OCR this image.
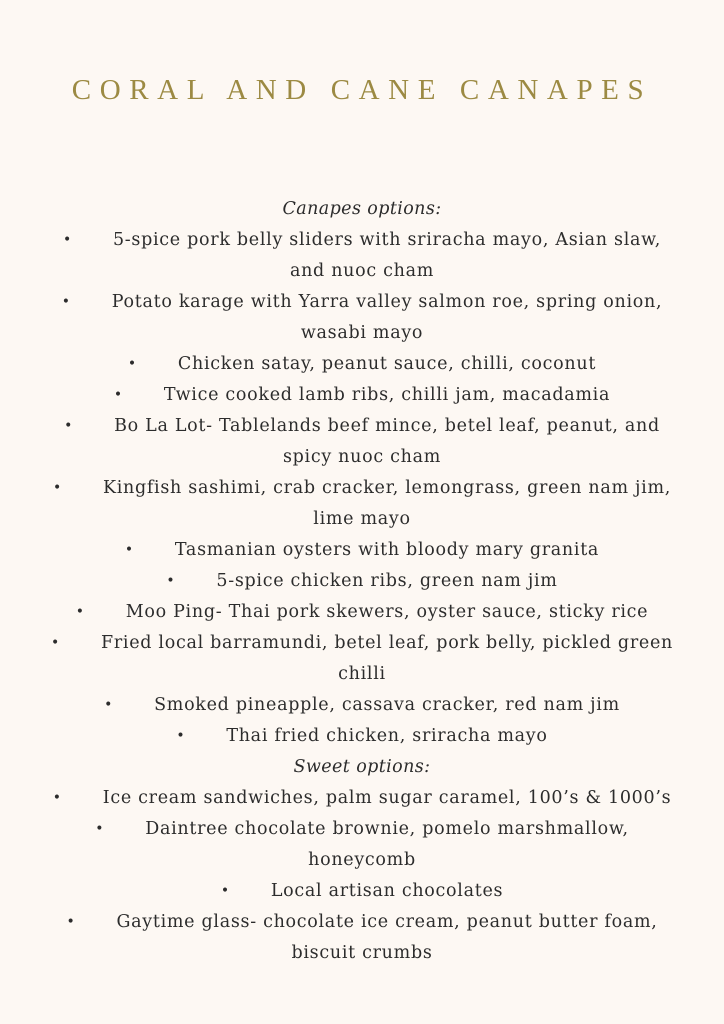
CORAL AND CANE CANAPES
Canapes options:
• 5-spice pork belly sliders with sriracha mayo, Asian slaw,
and nuoc cham
• Potato karage with Yarra valley salmon roe, spring onion,
wasabi mayo
• Chicken satay, peanut sauce, chilli, coconut
• Twice cooked lamb ribs, chilli jam, macadamia
• Bo La Lot- Tablelands beef mince, betel leaf, peanut, and
spicy nuoc cham
• Kingfish sashimi, crab cracker, lemongrass, green nam jim,
lime mayo
• Tasmanian oysters with bloody mary granita
• 5-spice chicken ribs, green nam jim
• Moo Ping- Thai pork skewers, oyster sauce, sticky rice
• Fried local barramundi, betel leaf, pork belly, pickled green
chilli
• Smoked pineapple, cassava cracker, red nam jim
• Thai fried chicken, sriracha mayo
Sweet options:
• Ice cream sandwiches, palm sugar caramel, 100’s & 1000’s
• Daintree chocolate brownie, pomelo marshmallow,
honeycomb
• Local artisan chocolates
• Gaytime glass- chocolate ice cream, peanut butter foam,
biscuit crumbs
